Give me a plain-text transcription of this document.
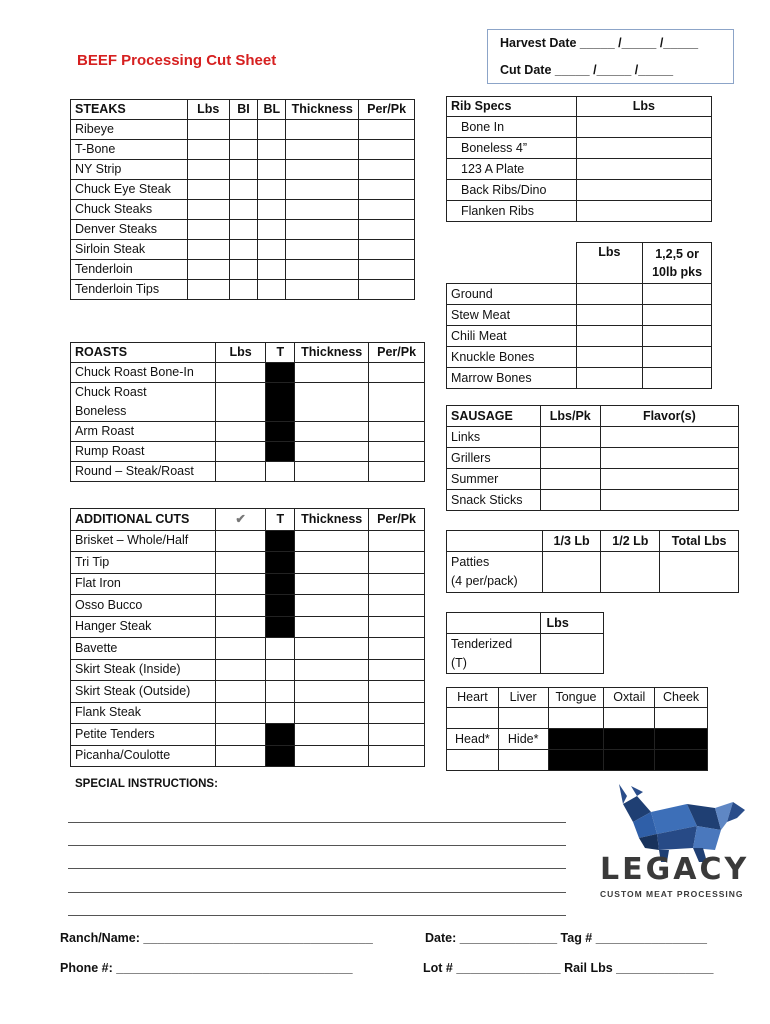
BEEF Processing Cut Sheet
Harvest Date _____ /_____ /_____
Cut Date _____ /_____ /_____
STEAKS	Lbs	BI	BL	Thickness	Per/Pk
Ribeye					
T-Bone					
NY Strip					
Chuck Eye Steak					
Chuck Steaks					
Denver Steaks					
Sirloin Steak					
Tenderloin					
Tenderloin Tips					
ROASTS	Lbs	T	Thickness	Per/Pk
Chuck Roast Bone-In				
Chuck Roast
Boneless				
Arm Roast				
Rump Roast				
Round – Steak/Roast				
ADDITIONAL CUTS	✔	T	Thickness	Per/Pk
Brisket – Whole/Half				
Tri Tip				
Flat Iron				
Osso Bucco				
Hanger Steak				
Bavette				
Skirt Steak (Inside)				
Skirt Steak (Outside)				
Flank Steak				
Petite Tenders				
Picanha/Coulotte				
Rib Specs	Lbs
Bone In	
Boneless 4”	
123 A Plate	
Back Ribs/Dino	
Flanken Ribs	
	Lbs	1,2,5 or
10lb pks
Ground		
Stew Meat		
Chili Meat		
Knuckle Bones		
Marrow Bones		
SAUSAGE	Lbs/Pk	Flavor(s)
Links		
Grillers		
Summer		
Snack Sticks		
	1/3 Lb	1/2 Lb	Total Lbs
Patties
(4 per/pack)			
	Lbs
Tenderized
(T)	
Heart	Liver	Tongue	Oxtail	Cheek

Head*	Hide*			

SPECIAL INSTRUCTIONS:
LEGACY
CUSTOM MEAT PROCESSING
Ranch/Name: _________________________________	Date: ______________ Tag # ________________
Phone #: __________________________________	Lot # _______________ Rail Lbs ______________
